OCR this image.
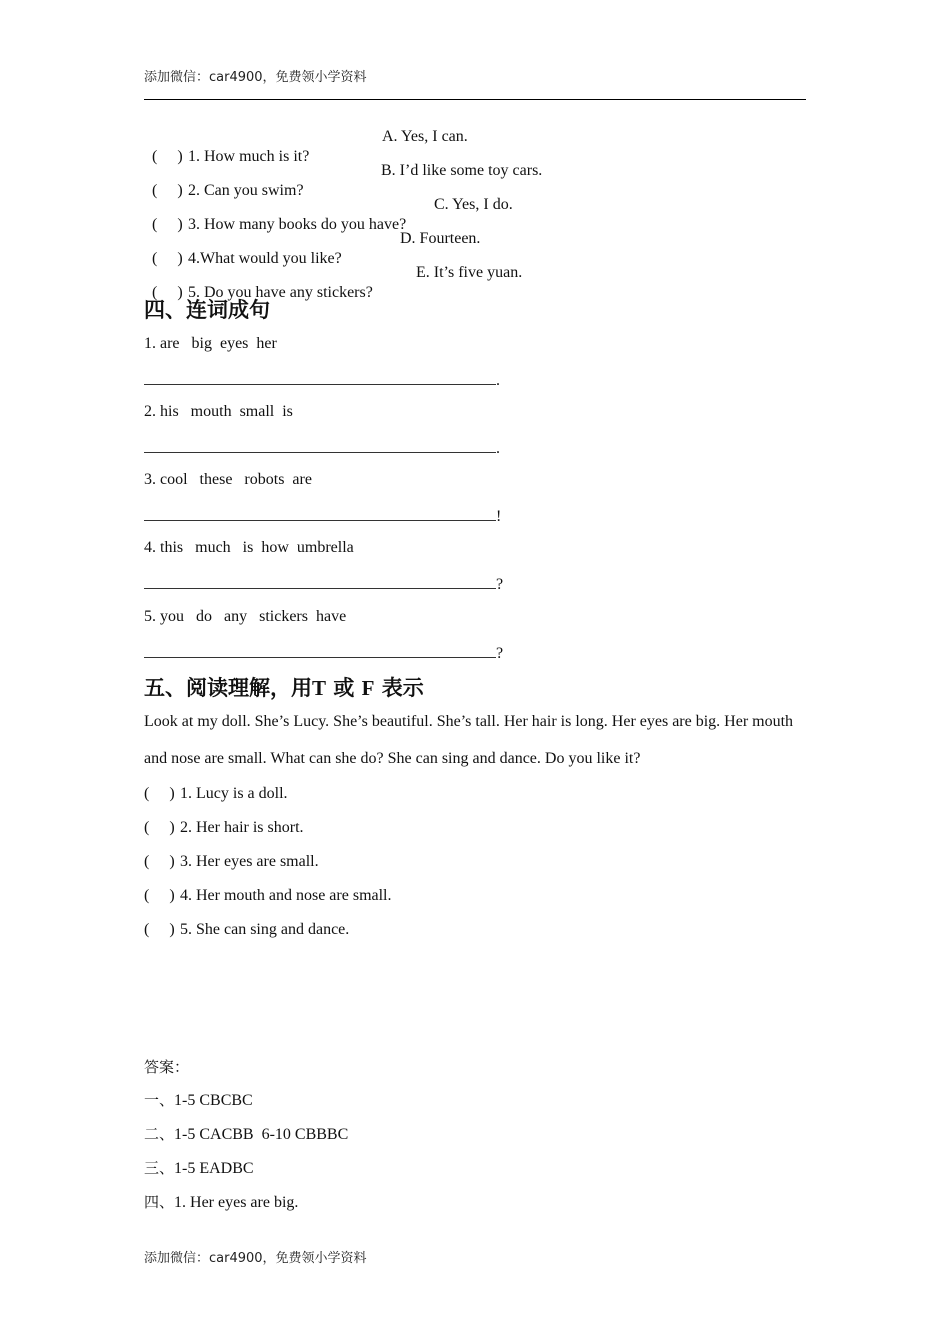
添加微信：car4900，免费领小学资料

(     ) 1. How much is it?

A. Yes, I can.

(     ) 2. Can you swim?

B. I’d like some toy cars.

(     ) 3. How many books do you have?

C. Yes, I do.

(     ) 4.What would you like?

D. Fourteen.

(     ) 5. Do you have any stickers?

E. It’s five yuan.

四、连词成句
1. are   big  eyes  her
.
2. his   mouth  small  is
.
3. cool   these   robots  are
!
4. this   much   is  how  umbrella
?
5. you   do   any   stickers  have
?
五、阅读理解，用T 或 F 表示
Look at my doll. She’s Lucy. She’s beautiful. She’s tall. Her hair is long. Her eyes are big. Her mouth and nose are small. What can she do? She can sing and dance. Do you like it?
(     ) 1. Lucy is a doll.
(     ) 2. Her hair is short.
(     ) 3. Her eyes are small.
(     ) 4. Her mouth and nose are small.
(     ) 5. She can sing and dance.
答案：
一、1-5 CBCBC
二、1-5 CACBB  6-10 CBBBC
三、1-5 EADBC
四、1. Her eyes are big.
添加微信：car4900，免费领小学资料
